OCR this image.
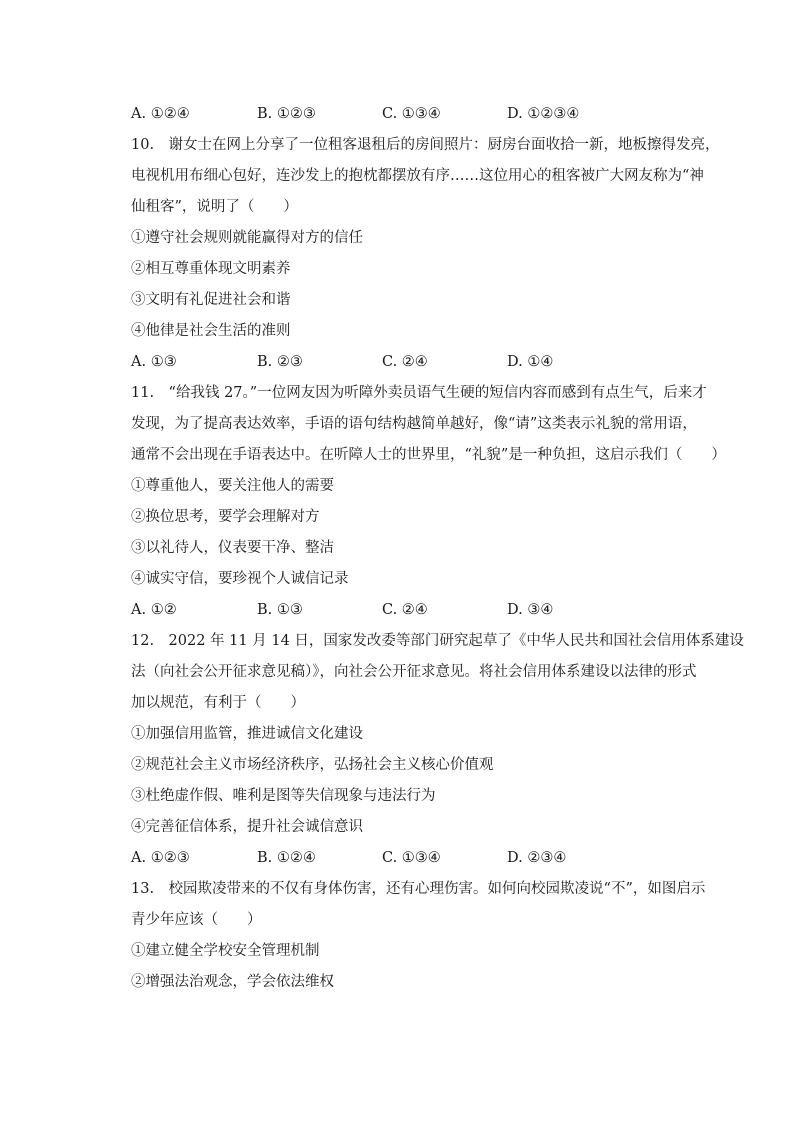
A. ①②④	B. ①②③	C. ①③④	D. ①②③④
10.　谢女士在网上分享了一位租客退租后的房间照片：厨房台面收拾一新，地板擦得发亮，
电视机用布细心包好，连沙发上的抱枕都摆放有序……这位用心的租客被广大网友称为“神
仙租客”，说明了（　　）
①遵守社会规则就能赢得对方的信任
②相互尊重体现文明素养
③文明有礼促进社会和谐
④他律是社会生活的准则
A. ①③	B. ②③	C. ②④	D. ①④
11.　“给我钱 27。”一位网友因为听障外卖员语气生硬的短信内容而感到有点生气，后来才
发现，为了提高表达效率，手语的语句结构越简单越好，像“请”这类表示礼貌的常用语，
通常不会出现在手语表达中。在听障人士的世界里，“礼貌”是一种负担，这启示我们（　　）
①尊重他人，要关注他人的需要
②换位思考，要学会理解对方
③以礼待人，仪表要干净、整洁
④诚实守信，要珍视个人诚信记录
A. ①②	B. ①③	C. ②④	D. ③④
12.　2022 年 11 月 14 日，国家发改委等部门研究起草了《中华人民共和国社会信用体系建设
法（向社会公开征求意见稿）》，向社会公开征求意见。将社会信用体系建设以法律的形式
加以规范，有利于（　　）
①加强信用监管，推进诚信文化建设
②规范社会主义市场经济秩序，弘扬社会主义核心价值观
③杜绝虚作假、唯利是图等失信现象与违法行为
④完善征信体系，提升社会诚信意识
A. ①②③	B. ①②④	C. ①③④	D. ②③④
13.　校园欺凌带来的不仅有身体伤害，还有心理伤害。如何向校园欺凌说“不”，如图启示
青少年应该（　　）
①建立健全学校安全管理机制
②增强法治观念，学会依法维权
